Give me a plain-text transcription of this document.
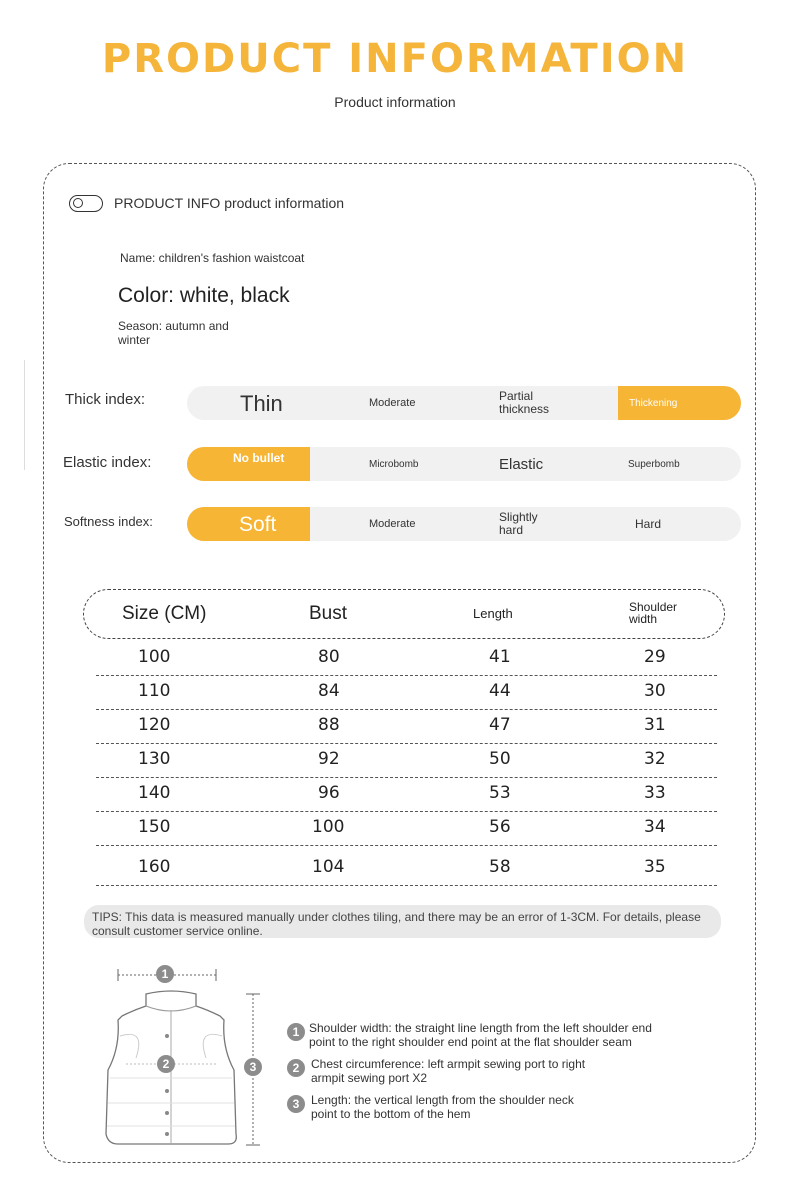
PRODUCT INFORMATION
Product information
PRODUCT INFO product information
Name: children's fashion waistcoat
Color: white, black
Season: autumn and winter
Thick index:	Thin	Moderate	Partial thickness	Thickening
Elastic index:	No bullet	Microbomb	Elastic	Superbomb
Softness index:	Soft	Moderate	Slightly hard	Hard
Size (CM)	Bust	Length	Shoulder width
100	80	41	29
110	84	44	30
120	88	47	31
130	92	50	32
140	96	53	33
150	100	56	34
160	104	58	35
TIPS: This data is measured manually under clothes tiling, and there may be an error of 1-3CM. For details, please consult customer service online.
1
2	3
1 Shoulder width: the straight line length from the left shoulder end point to the right shoulder end point at the flat shoulder seam
2 Chest circumference: left armpit sewing port to right armpit sewing port X2
3 Length: the vertical length from the shoulder neck point to the bottom of the hem
